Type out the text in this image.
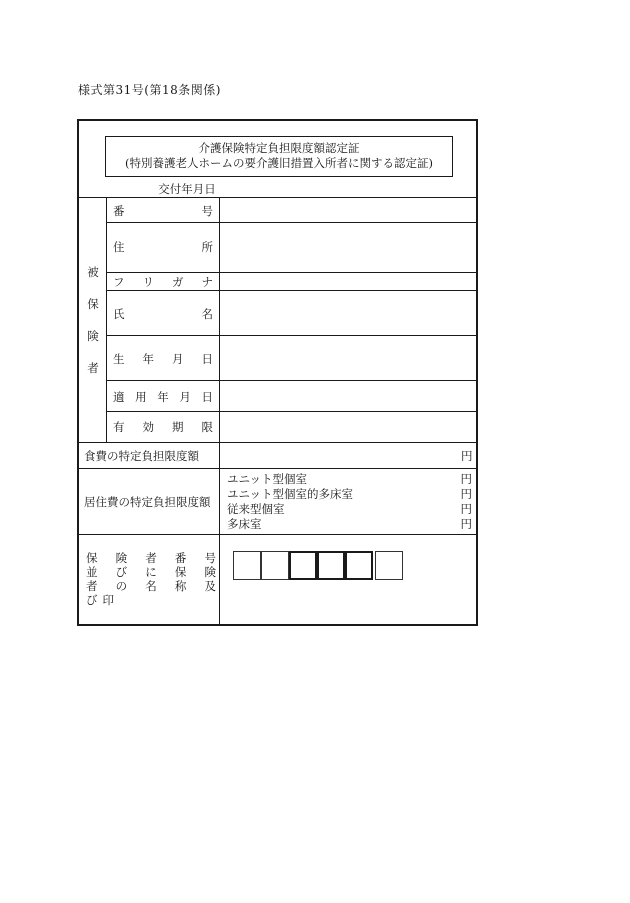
様式第31号(第18条関係)
介護保険特定負担限度額認定証
(特別養護老人ホームの要介護旧措置入所者に関する認定証)
交付年月日
被
保
険
者
番	号
住	所
フ リ ガ ナ
氏	名
生 年 月 日
適 用 年 月 日
有 効 期 限
食費の特定負担限度額	円
居住費の特定負担限度額
ユニット型個室	円
ユニット型個室的多床室	円
従来型個室	円
多床室	円
保 険 者 番 号
並 び に 保 険
者 の 名 称 及
び 印
